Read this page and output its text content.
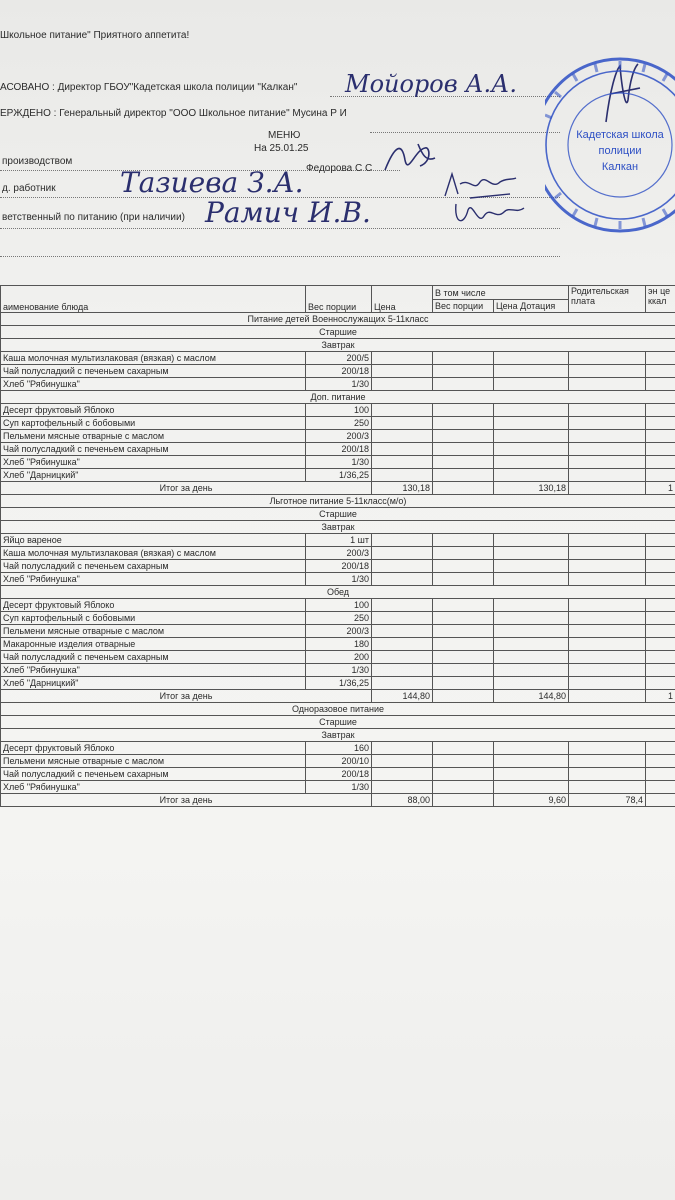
Школьное питание" Приятного аппетита!
АСОВАНО : Директор ГБОУ"Кадетская школа полиции "Калкан" Мойоров А.А.
ЕРЖДЕНО : Генеральный директор "ООО Школьное питание" Мусина Р И
МЕНЮ
На 25.01.25
производством
Федорова С С
д. работник Тазиева З.А.
ветственный по питанию (при наличии) Рамич И.В.
Кадетская школа
полиции
Калкан
аименование блюда	Вес порции	Цена	В том числе		Родительская плата	эн це ккал
			Вес порции	Цена Дотация		
Питание детей Военнослужащих 5-11класс						
Старшие						
Завтрак						
Каша молочная мультизлаковая (вязкая) с маслом	200/5					
Чай полусладкий с печеньем сахарным	200/18					
Хлеб "Рябинушка"	1/30					
Доп. питание						
Десерт фруктовый Яблоко	100					
Суп картофельный с бобовыми	250					
Пельмени мясные отварные с маслом	200/3					
Чай полусладкий с печеньем сахарным	200/18					
Хлеб "Рябинушка"	1/30					
Хлеб "Дарницкий"	1/36,25					
Итог за день		130,18		130,18		1
Льготное питание 5-11класс(м/о)						
Старшие						
Завтрак						
Яйцо вареное	1 шт					
Каша молочная мультизлаковая (вязкая) с маслом	200/3					
Чай полусладкий с печеньем сахарным	200/18					
Хлеб "Рябинушка"	1/30					
Обед						
Десерт фруктовый Яблоко	100					
Суп картофельный с бобовыми	250					
Пельмени мясные отварные с маслом	200/3					
Макаронные изделия отварные	180					
Чай полусладкий с печеньем сахарным	200					
Хлеб "Рябинушка"	1/30					
Хлеб "Дарницкий"	1/36,25					
Итог за день		144,80		144,80		1
Одноразовое питание						
Старшие						
Завтрак						
Десерт фруктовый Яблоко	160					
Пельмени мясные отварные с маслом	200/10					
Чай полусладкий с печеньем сахарным	200/18					
Хлеб "Рябинушка"	1/30					
Итог за день		88,00		9,60	78,4	
